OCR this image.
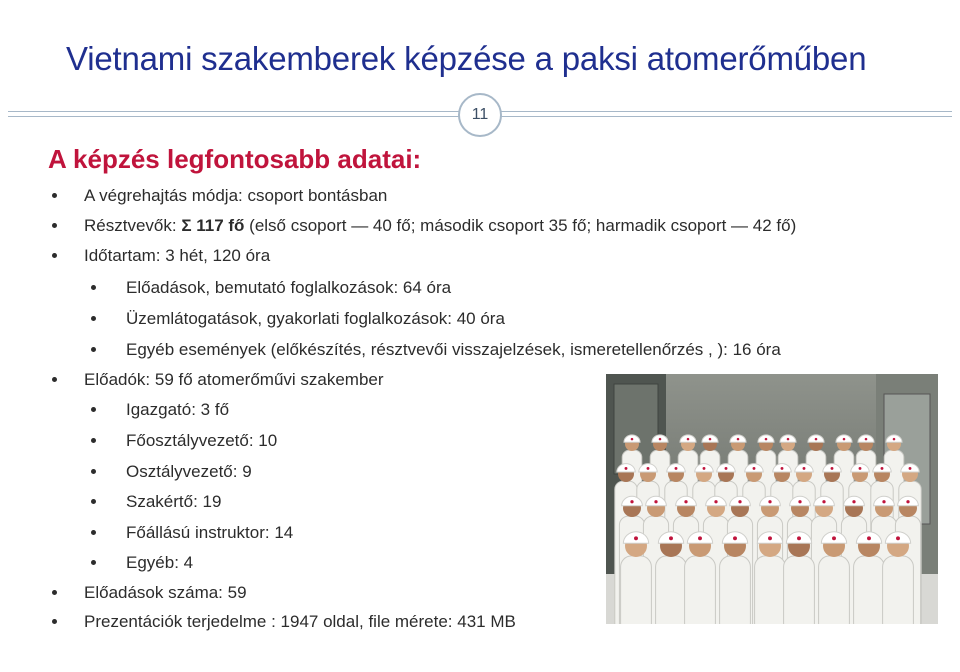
Vietnami szakemberek képzése a paksi atomerőműben
11
A képzés legfontosabb adatai:
A végrehajtás módja: csoport bontásban
Résztvevők: Σ 117 fő (első csoport — 40 fő; második csoport 35 fő; harmadik csoport — 42 fő)
Időtartam: 3 hét, 120 óra
Előadások, bemutató foglalkozások: 64 óra
Üzemlátogatások, gyakorlati foglalkozások: 40 óra
Egyéb események (előkészítés, résztvevői visszajelzések, ismeretellenőrzés , ): 16 óra
Előadók: 59 fő atomerőművi szakember
Igazgató: 3 fő
Főosztályvezető: 10
Osztályvezető: 9
Szakértő: 19
Főállású instruktor: 14
Egyéb: 4
Előadások száma: 59
Prezentációk terjedelme : 1947 oldal, file mérete: 431 MB
